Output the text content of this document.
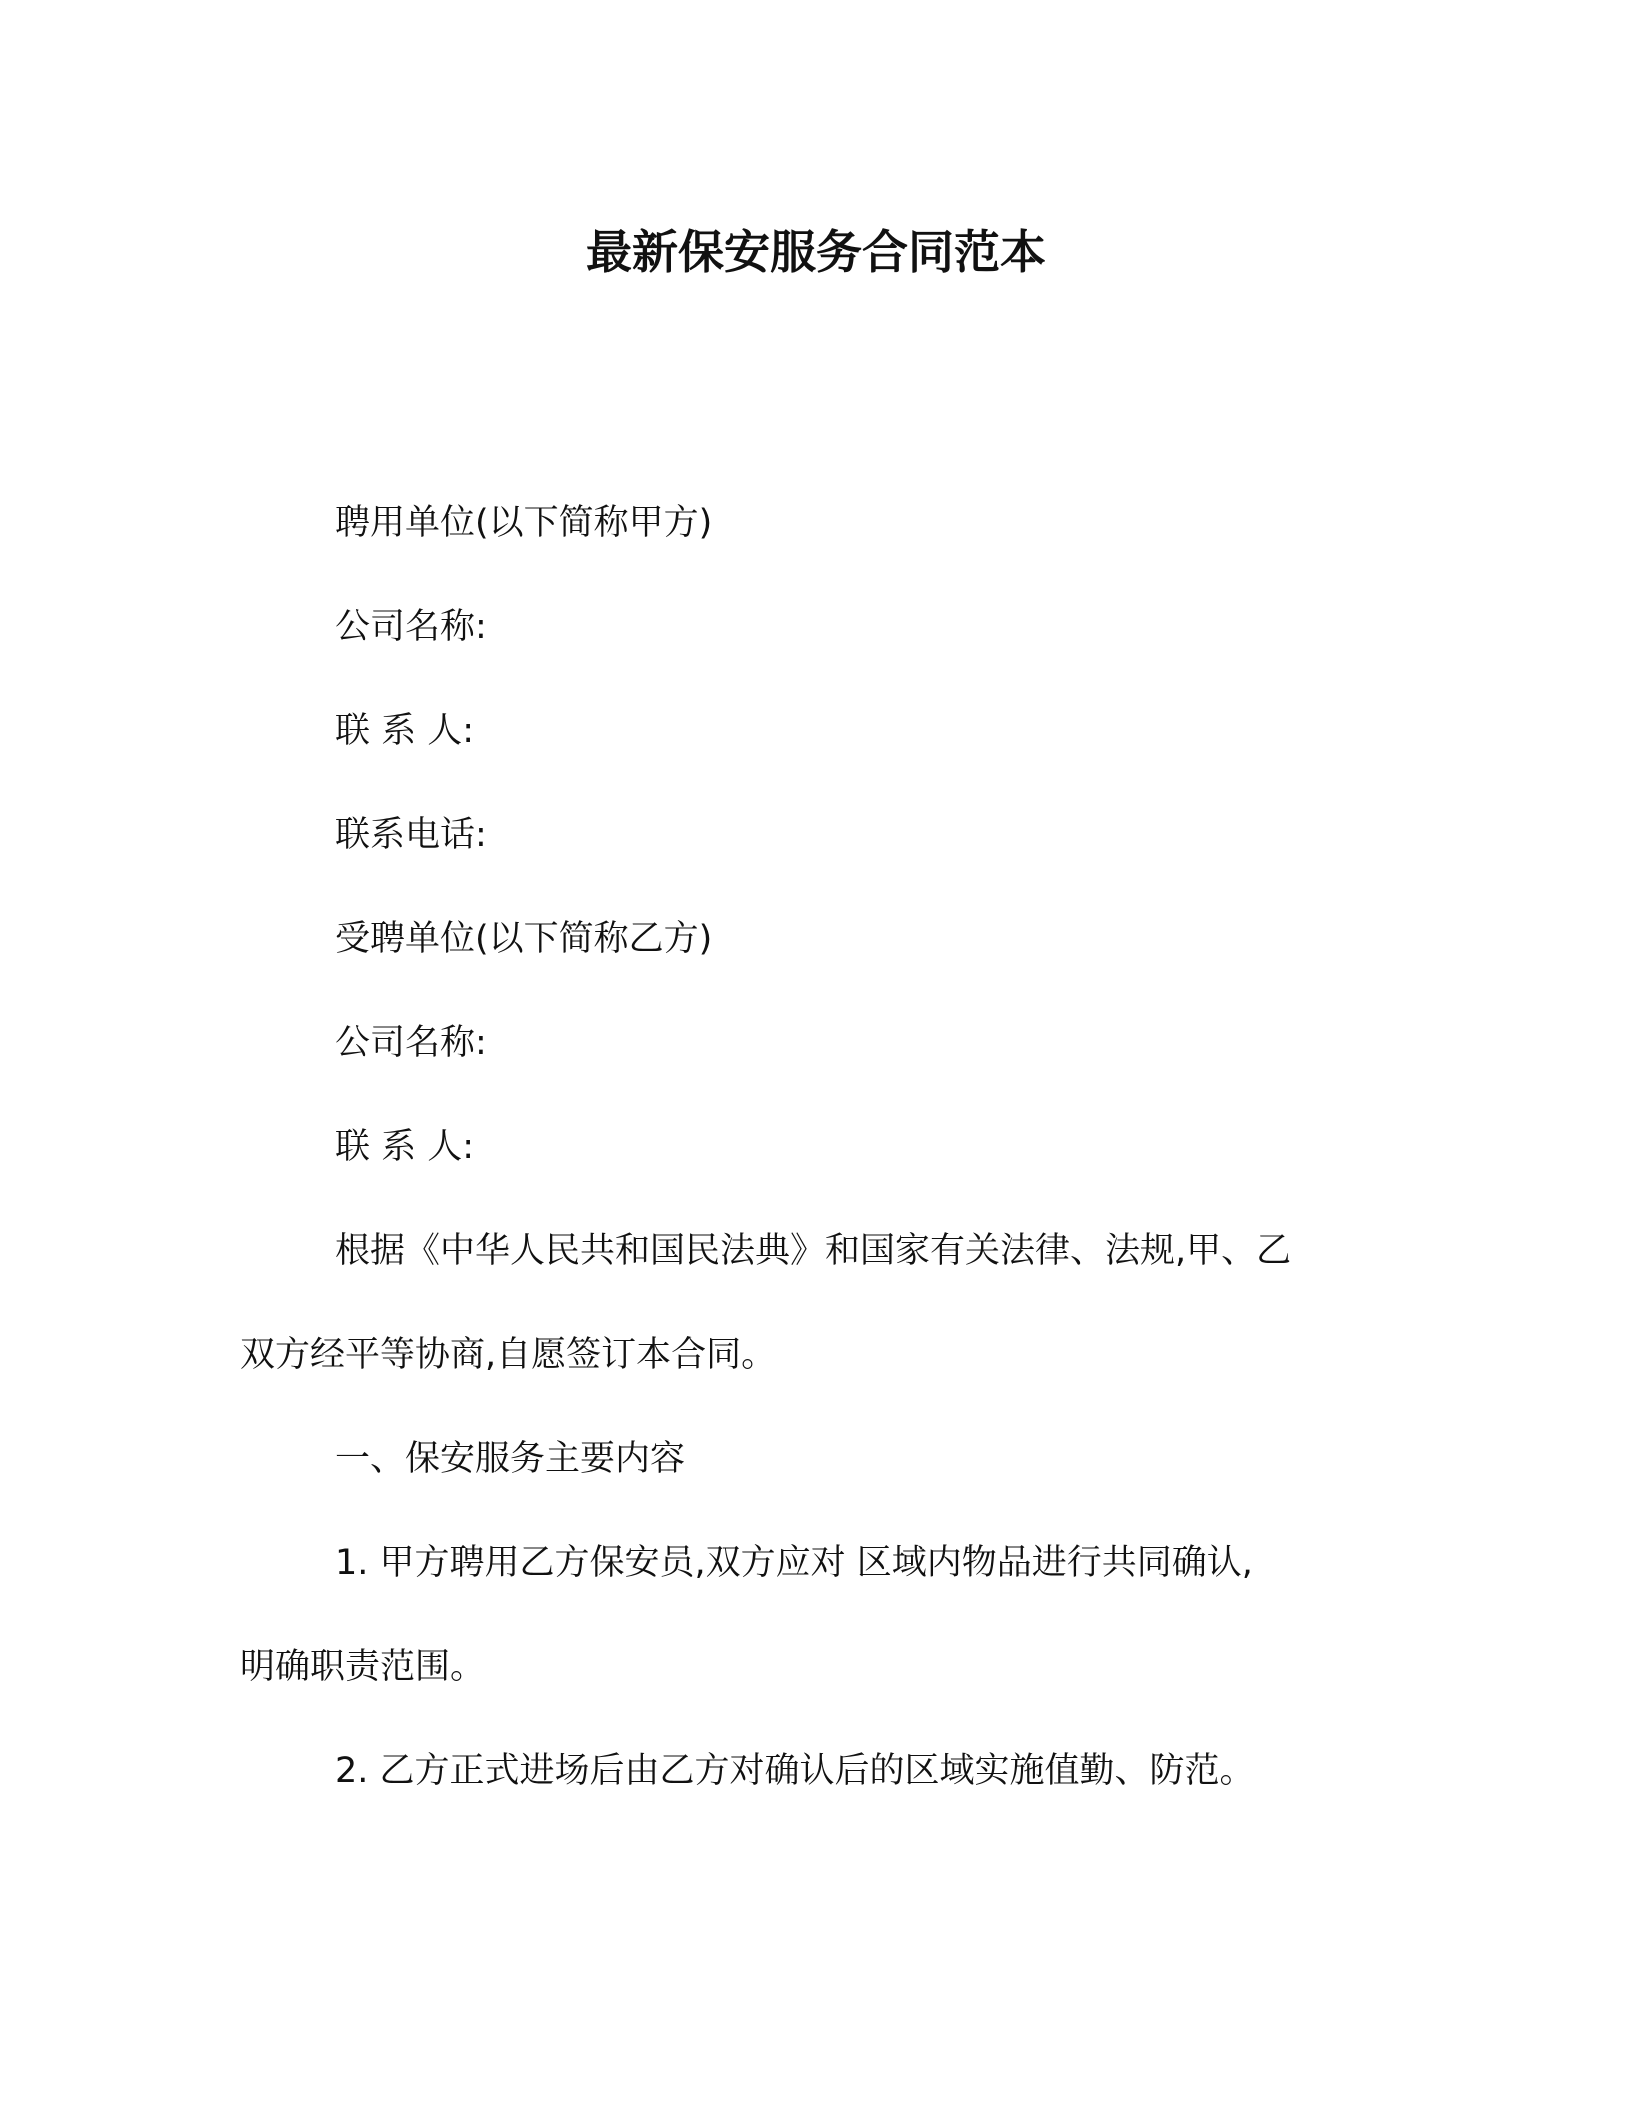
最新保安服务合同范本
聘用单位(以下简称甲方)
公司名称:
联 系 人:
联系电话:
受聘单位(以下简称乙方)
公司名称:
联 系 人:
根据《中华人民共和国民法典》和国家有关法律、法规,甲、乙
双方经平等协商,自愿签订本合同。
一、保安服务主要内容
1. 甲方聘用乙方保安员,双方应对 区域内物品进行共同确认,
明确职责范围。
2. 乙方正式进场后由乙方对确认后的区域实施值勤、防范。
